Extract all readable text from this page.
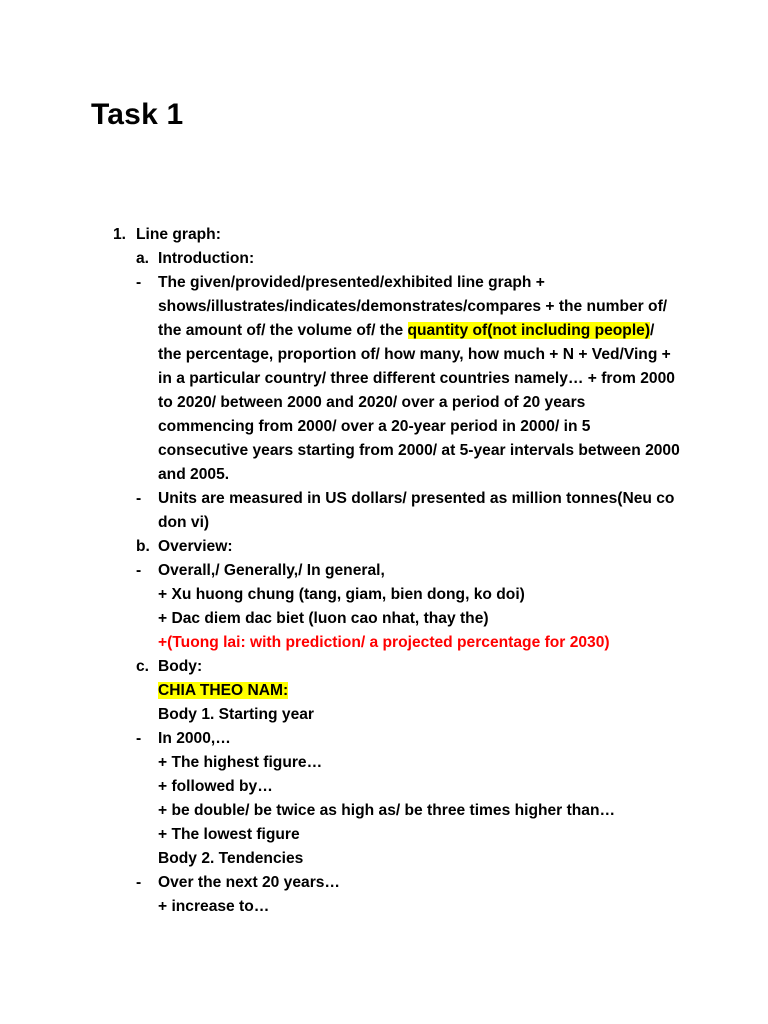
Task 1
1. Line graph:
a. Introduction:
- The given/provided/presented/exhibited line graph +
shows/illustrates/indicates/demonstrates/compares + the number of/
the amount of/ the volume of/ the quantity of(not including people)/
the percentage, proportion of/ how many, how much + N + Ved/Ving +
in a particular country/ three different countries namely… + from 2000
to 2020/ between 2000 and 2020/ over a period of 20 years
commencing from 2000/ over a 20-year period in 2000/ in 5
consecutive years starting from 2000/ at 5-year intervals between 2000
and 2005.
- Units are measured in US dollars/ presented as million tonnes(Neu co
don vi)
b. Overview:
- Overall,/ Generally,/ In general,
+ Xu huong chung (tang, giam, bien dong, ko doi)
+ Dac diem dac biet (luon cao nhat, thay the)
+(Tuong lai: with prediction/ a projected percentage for 2030)
c. Body:
CHIA THEO NAM:
Body 1. Starting year
- In 2000,…
+ The highest figure…
+ followed by…
+ be double/ be twice as high as/ be three times higher than…
+ The lowest figure
Body 2. Tendencies
- Over the next 20 years…
+ increase to…
